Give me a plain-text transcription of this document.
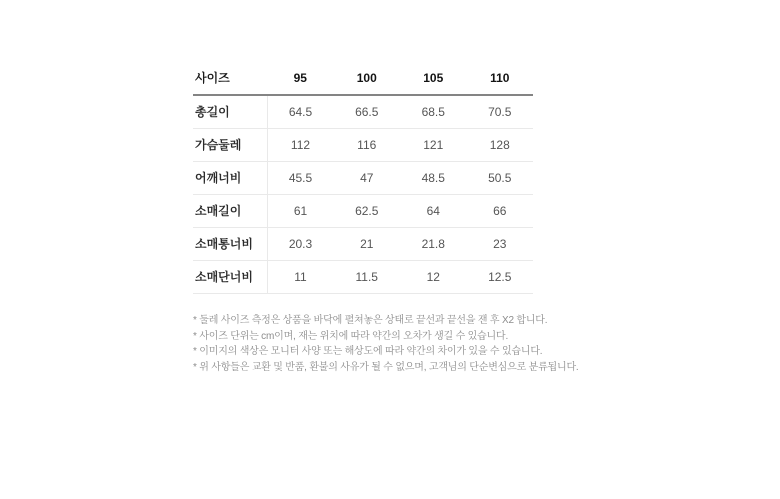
사이즈	95	100	105	110
총길이	64.5	66.5	68.5	70.5
가슴둘레	112	116	121	128
어깨너비	45.5	47	48.5	50.5
소매길이	61	62.5	64	66
소매통너비	20.3	21	21.8	23
소매단너비	11	11.5	12	12.5
* 둘레 사이즈 측정은 상품을 바닥에 펼쳐놓은 상태로 끝선과 끝선을 잰 후 X2 합니다.
* 사이즈 단위는 cm이며, 재는 위치에 따라 약간의 오차가 생길 수 있습니다.
* 이미지의 색상은 모니터 사양 또는 해상도에 따라 약간의 차이가 있을 수 있습니다.
* 위 사항들은 교환 및 반품, 환불의 사유가 될 수 없으며, 고객님의 단순변심으로 분류됩니다.
